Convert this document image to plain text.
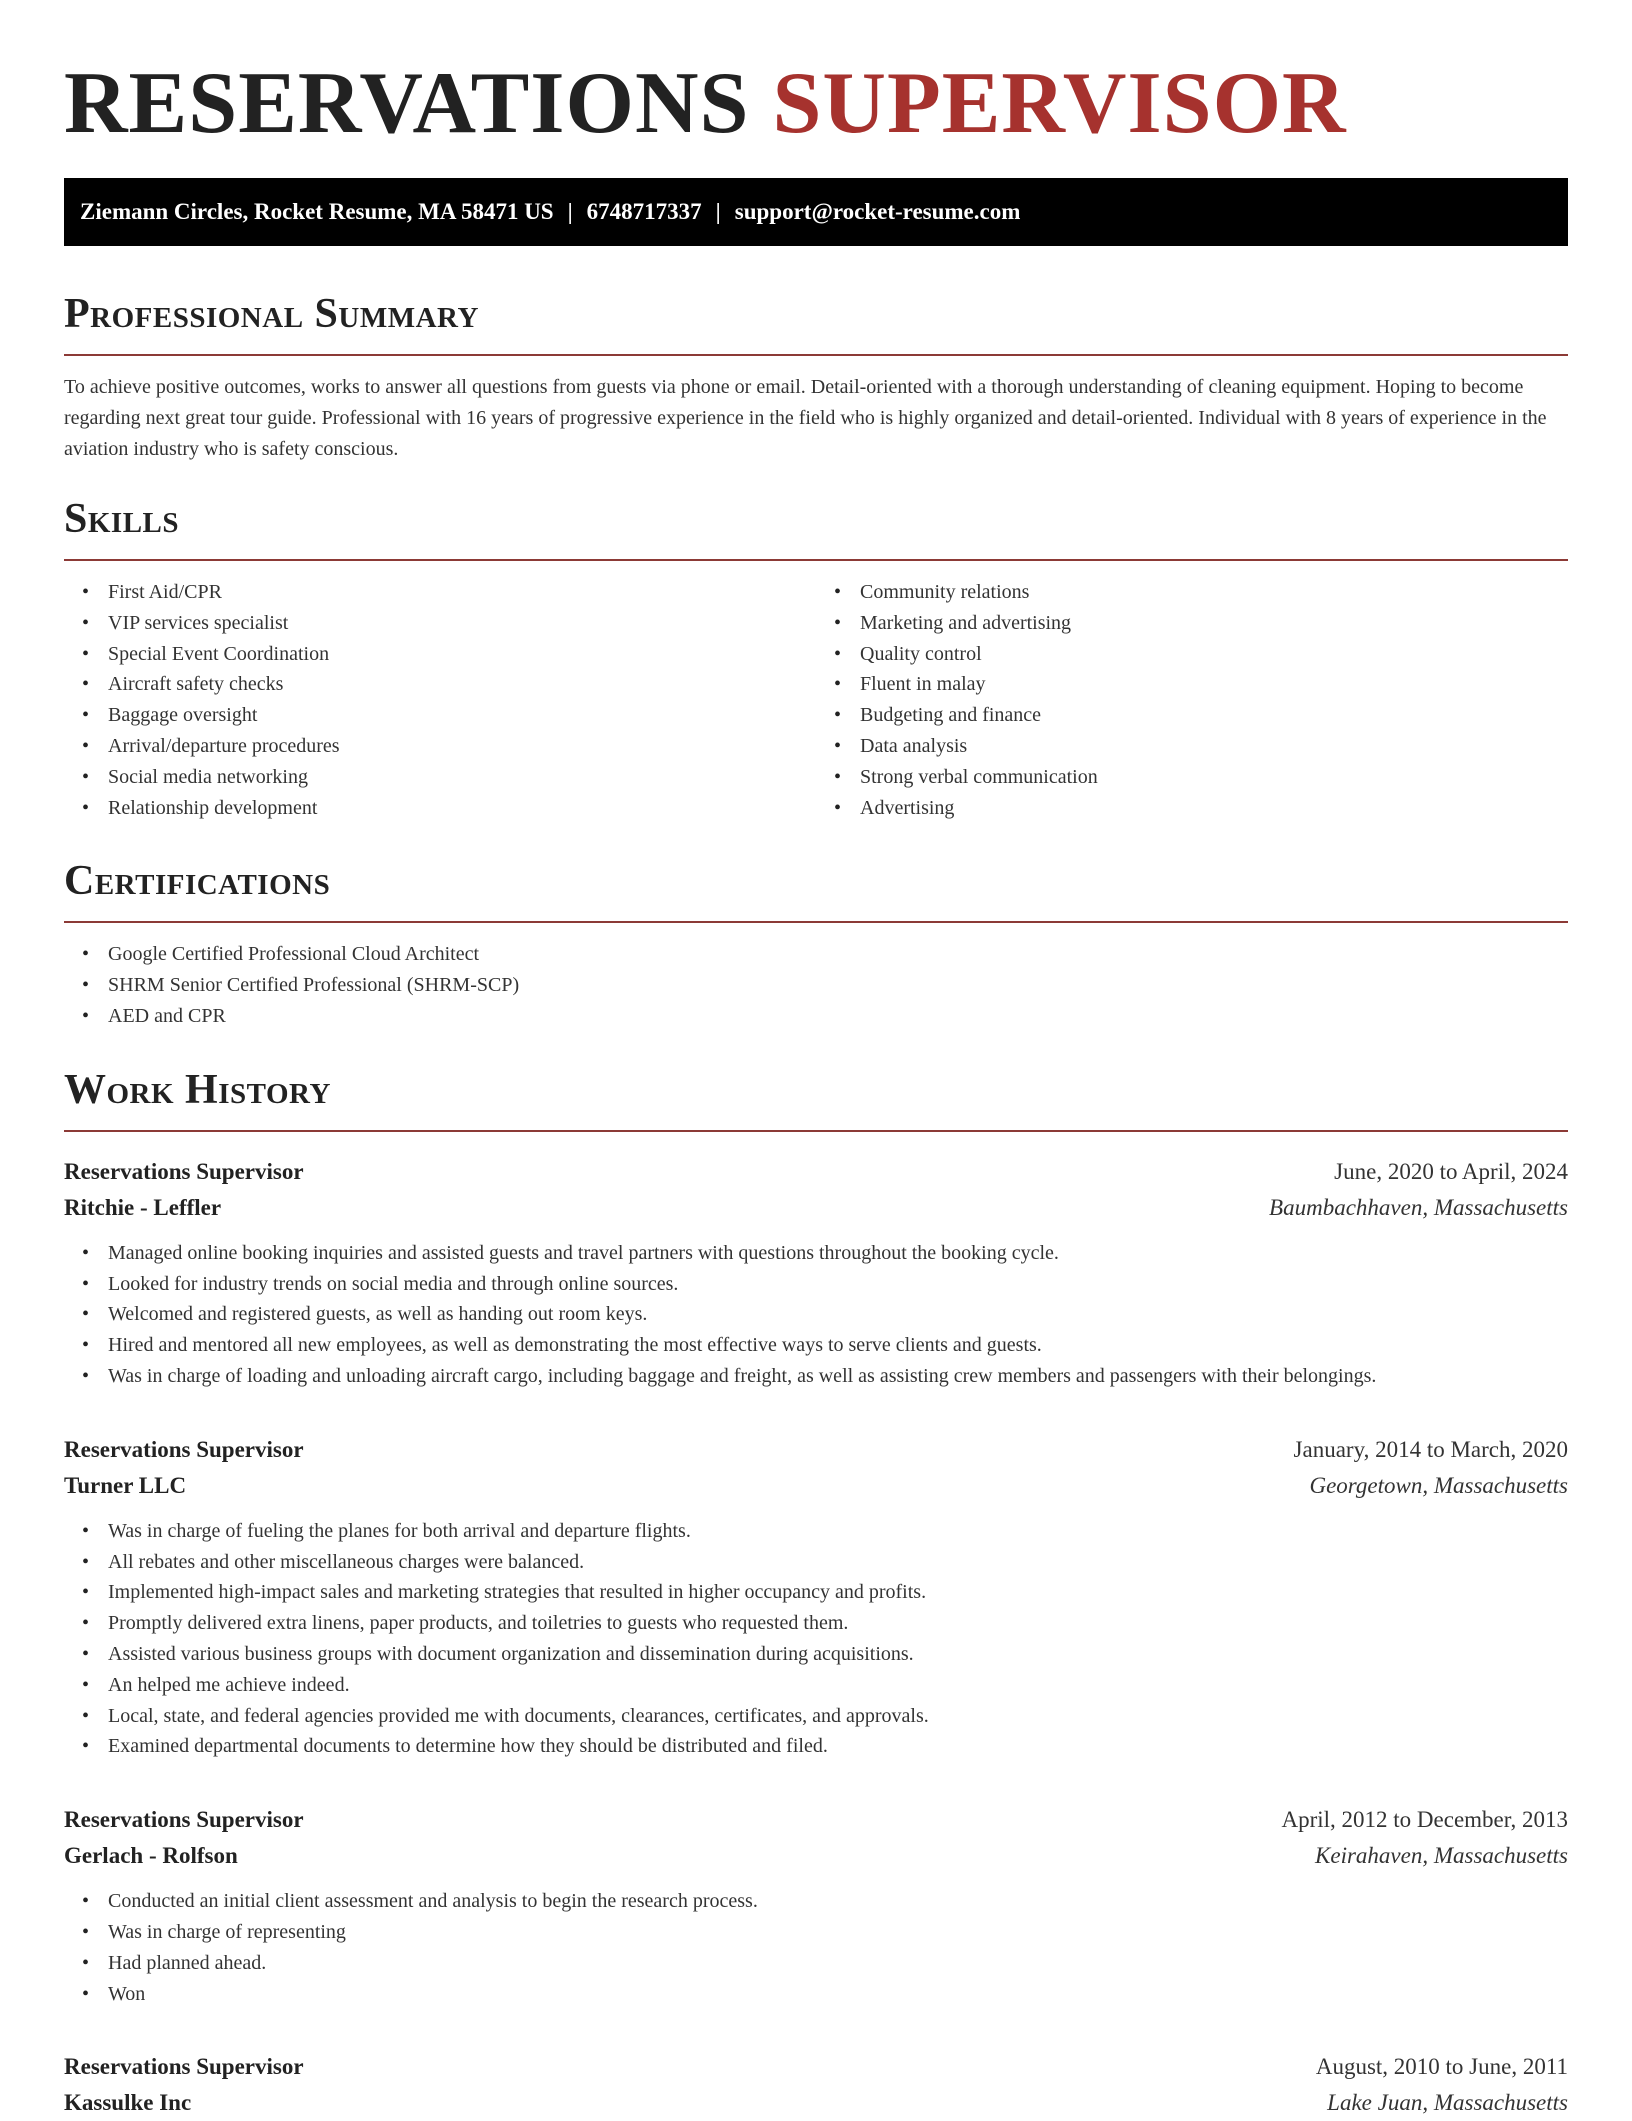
RESERVATIONS SUPERVISOR
Ziemann Circles, Rocket Resume, MA 58471 US | 6748717337 | support@rocket-resume.com
Professional Summary

To achieve positive outcomes, works to answer all questions from guests via phone or email. Detail-oriented with a thorough understanding of cleaning equipment. Hoping to become regarding next great tour guide. Professional with 16 years of progressive experience in the field who is highly organized and detail-oriented. Individual with 8 years of experience in the aviation industry who is safety conscious.

Skills
• First Aid/CPR
• VIP services specialist
• Special Event Coordination
• Aircraft safety checks
• Baggage oversight
• Arrival/departure procedures
• Social media networking
• Relationship development
• Community relations
• Marketing and advertising
• Quality control
• Fluent in malay
• Budgeting and finance
• Data analysis
• Strong verbal communication
• Advertising
Certifications
• Google Certified Professional Cloud Architect
• SHRM Senior Certified Professional (SHRM-SCP)
• AED and CPR
Work History
Reservations Supervisor	June, 2020 to April, 2024
Ritchie - Leffler	Baumbachhaven, Massachusetts
• Managed online booking inquiries and assisted guests and travel partners with questions throughout the booking cycle.
• Looked for industry trends on social media and through online sources.
• Welcomed and registered guests, as well as handing out room keys.
• Hired and mentored all new employees, as well as demonstrating the most effective ways to serve clients and guests.
• Was in charge of loading and unloading aircraft cargo, including baggage and freight, as well as assisting crew members and passengers with their belongings.
Reservations Supervisor	January, 2014 to March, 2020
Turner LLC	Georgetown, Massachusetts
• Was in charge of fueling the planes for both arrival and departure flights.
• All rebates and other miscellaneous charges were balanced.
• Implemented high-impact sales and marketing strategies that resulted in higher occupancy and profits.
• Promptly delivered extra linens, paper products, and toiletries to guests who requested them.
• Assisted various business groups with document organization and dissemination during acquisitions.
• An helped me achieve indeed.
• Local, state, and federal agencies provided me with documents, clearances, certificates, and approvals.
• Examined departmental documents to determine how they should be distributed and filed.
Reservations Supervisor	April, 2012 to December, 2013
Gerlach - Rolfson	Keirahaven, Massachusetts
• Conducted an initial client assessment and analysis to begin the research process.
• Was in charge of representing
• Had planned ahead.
• Won
Reservations Supervisor	August, 2010 to June, 2011
Kassulke Inc	Lake Juan, Massachusetts
